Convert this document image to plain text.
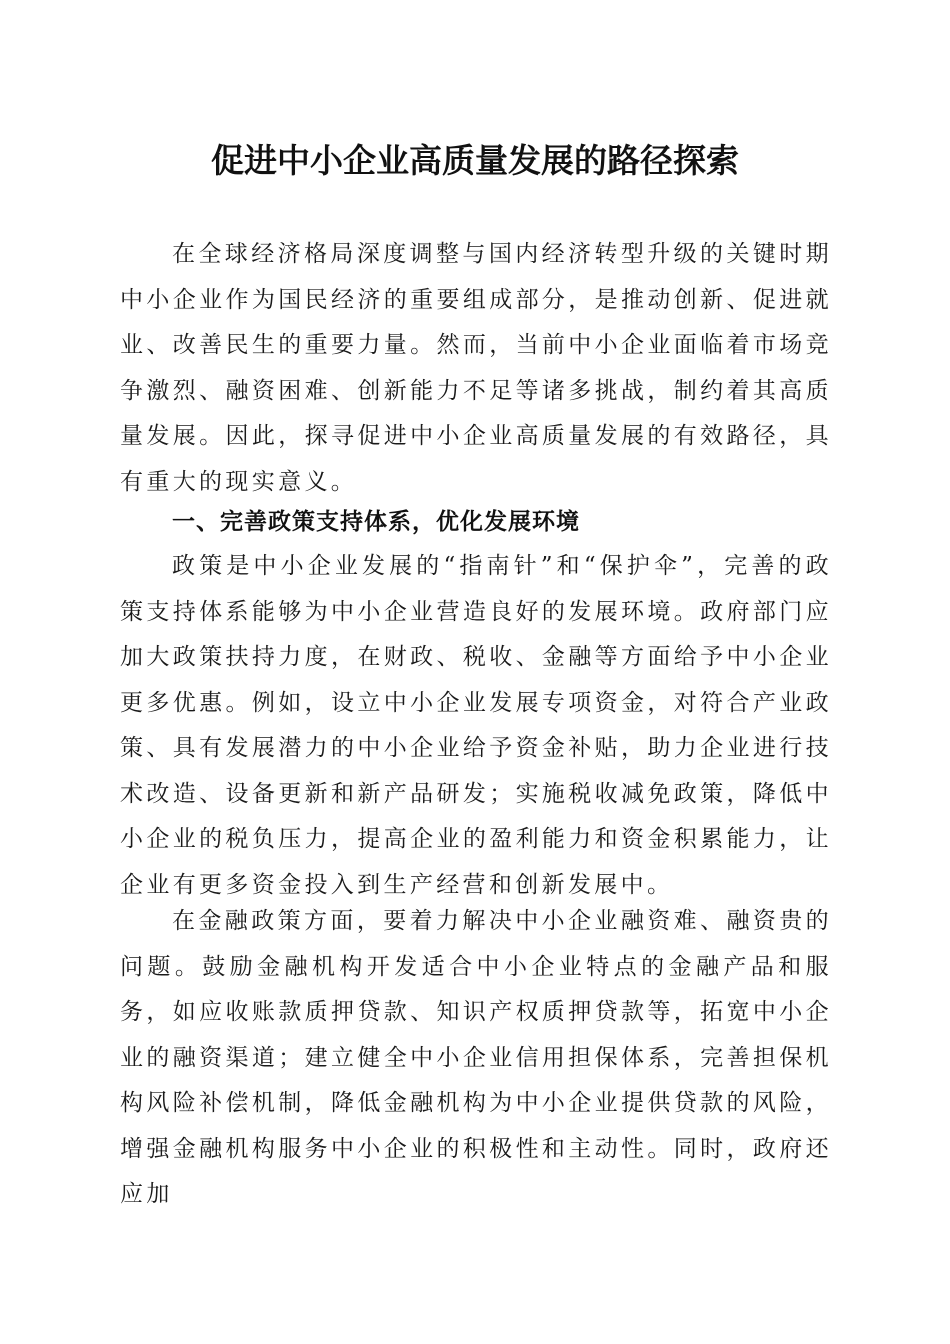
促进中小企业高质量发展的路径探索

在全球经济格局深度调整与国内经济转型升级的关键时期中小企业作为国民经济的重要组成部分，是推动创新、促进就业、改善民生的重要力量。然而，当前中小企业面临着市场竞争激烈、融资困难、创新能力不足等诸多挑战，制约着其高质量发展。因此，探寻促进中小企业高质量发展的有效路径，具有重大的现实意义。

一、完善政策支持体系，优化发展环境

政策是中小企业发展的“指南针”和“保护伞”，完善的政策支持体系能够为中小企业营造良好的发展环境。政府部门应加大政策扶持力度，在财政、税收、金融等方面给予中小企业更多优惠。例如，设立中小企业发展专项资金，对符合产业政策、具有发展潜力的中小企业给予资金补贴，助力企业进行技术改造、设备更新和新产品研发；实施税收减免政策，降低中小企业的税负压力，提高企业的盈利能力和资金积累能力，让企业有更多资金投入到生产经营和创新发展中。

在金融政策方面，要着力解决中小企业融资难、融资贵的问题。鼓励金融机构开发适合中小企业特点的金融产品和服务，如应收账款质押贷款、知识产权质押贷款等，拓宽中小企业的融资渠道；建立健全中小企业信用担保体系，完善担保机构风险补偿机制，降低金融机构为中小企业提供贷款的风险，增强金融机构服务中小企业的积极性和主动性。同时，政府还应加
